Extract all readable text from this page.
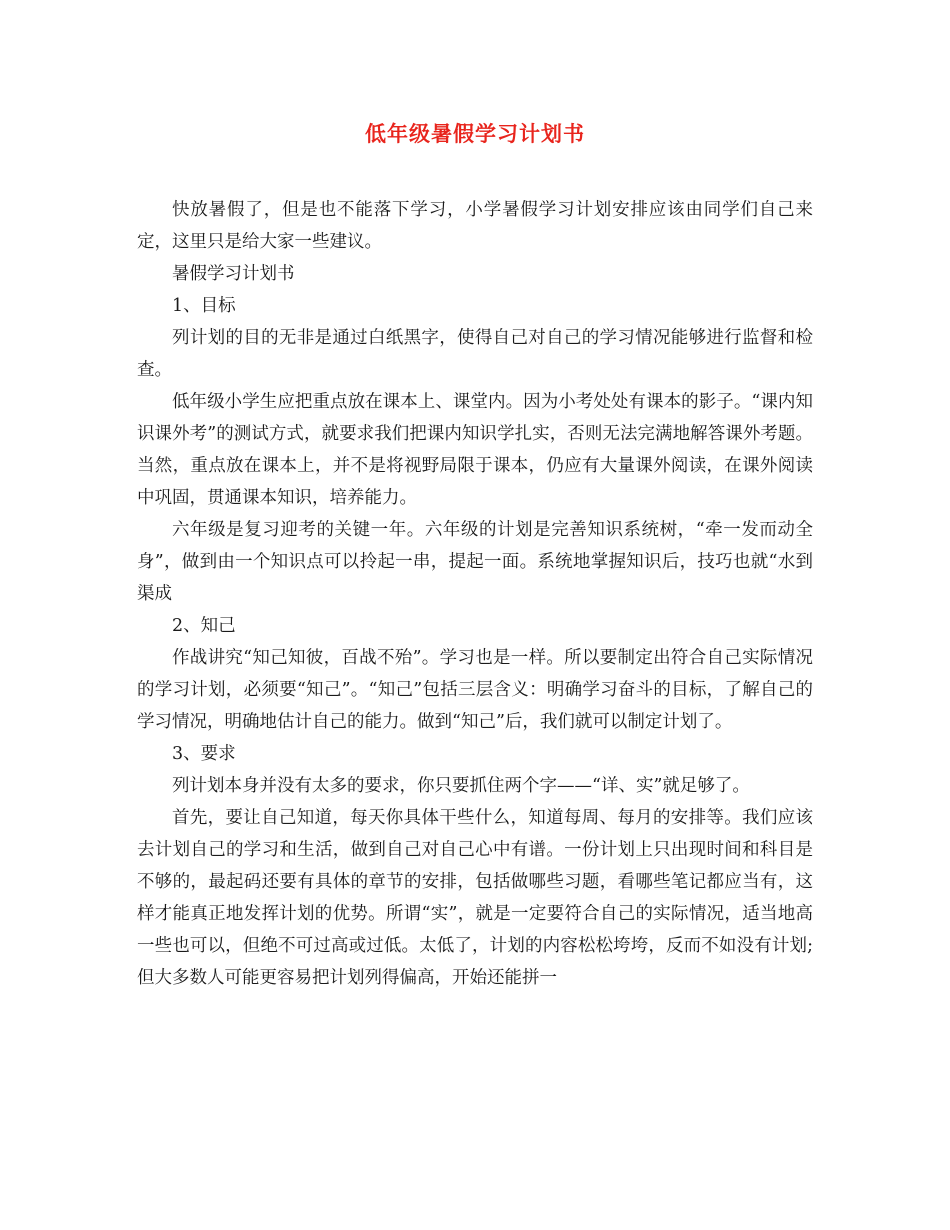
低年级暑假学习计划书

快放暑假了，但是也不能落下学习，小学暑假学习计划安排应该由同学们自己来定，这里只是给大家一些建议。

暑假学习计划书

1、目标

列计划的目的无非是通过白纸黑字，使得自己对自己的学习情况能够进行监督和检查。

低年级小学生应把重点放在课本上、课堂内。因为小考处处有课本的影子。“课内知识课外考”的测试方式，就要求我们把课内知识学扎实，否则无法完满地解答课外考题。当然，重点放在课本上，并不是将视野局限于课本，仍应有大量课外阅读，在课外阅读中巩固，贯通课本知识，培养能力。

六年级是复习迎考的关键一年。六年级的计划是完善知识系统树，“牵一发而动全身”，做到由一个知识点可以拎起一串，提起一面。系统地掌握知识后，技巧也就“水到渠成

2、知己

作战讲究“知己知彼，百战不殆”。学习也是一样。所以要制定出符合自己实际情况的学习计划，必须要“知己”。“知己”包括三层含义：明确学习奋斗的目标，了解自己的学习情况，明确地估计自己的能力。做到“知己”后，我们就可以制定计划了。

3、要求

列计划本身并没有太多的要求，你只要抓住两个字——“详、实”就足够了。

首先，要让自己知道，每天你具体干些什么，知道每周、每月的安排等。我们应该去计划自己的学习和生活，做到自己对自己心中有谱。一份计划上只出现时间和科目是不够的，最起码还要有具体的章节的安排，包括做哪些习题，看哪些笔记都应当有，这样才能真正地发挥计划的优势。所谓“实”，就是一定要符合自己的实际情况，适当地高一些也可以，但绝不可过高或过低。太低了，计划的内容松松垮垮，反而不如没有计划;但大多数人可能更容易把计划列得偏高，开始还能拼一
